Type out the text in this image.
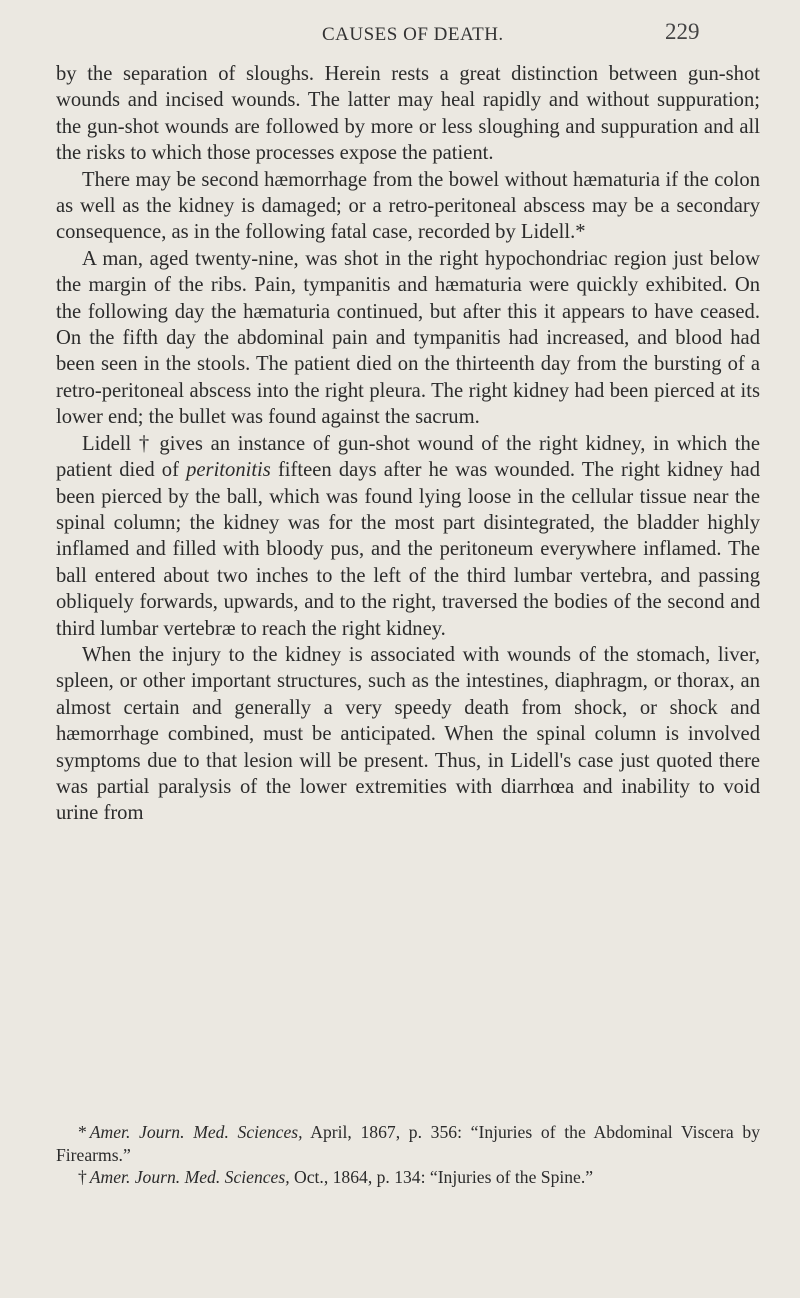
CAUSES OF DEATH.	229

by the separation of sloughs. Herein rests a great distinction between gun-shot wounds and incised wounds. The latter may heal rapidly and without suppuration; the gun-shot wounds are followed by more or less sloughing and suppuration and all the risks to which those processes expose the patient.

There may be second hæmorrhage from the bowel without hæmaturia if the colon as well as the kidney is damaged; or a retro-peritoneal abscess may be a secondary consequence, as in the following fatal case, recorded by Lidell.*

A man, aged twenty-nine, was shot in the right hypochondriac region just below the margin of the ribs. Pain, tympanitis and hæmaturia were quickly exhibited. On the following day the hæmaturia continued, but after this it appears to have ceased. On the fifth day the abdominal pain and tympanitis had increased, and blood had been seen in the stools. The patient died on the thirteenth day from the bursting of a retro-peritoneal abscess into the right pleura. The right kidney had been pierced at its lower end; the bullet was found against the sacrum.

Lidell † gives an instance of gun-shot wound of the right kidney, in which the patient died of peritonitis fifteen days after he was wounded. The right kidney had been pierced by the ball, which was found lying loose in the cellular tissue near the spinal column; the kidney was for the most part disintegrated, the bladder highly inflamed and filled with bloody pus, and the peritoneum everywhere inflamed. The ball entered about two inches to the left of the third lumbar vertebra, and passing obliquely forwards, upwards, and to the right, traversed the bodies of the second and third lumbar vertebræ to reach the right kidney.

When the injury to the kidney is associated with wounds of the stomach, liver, spleen, or other important structures, such as the intestines, diaphragm, or thorax, an almost certain and generally a very speedy death from shock, or shock and hæmorrhage combined, must be anticipated. When the spinal column is involved symptoms due to that lesion will be present. Thus, in Lidell's case just quoted there was partial paralysis of the lower extremities with diarrhœa and inability to void urine from

* Amer. Journ. Med. Sciences, April, 1867, p. 356: “Injuries of the Abdominal Viscera by Firearms.”

† Amer. Journ. Med. Sciences, Oct., 1864, p. 134: “Injuries of the Spine.”
